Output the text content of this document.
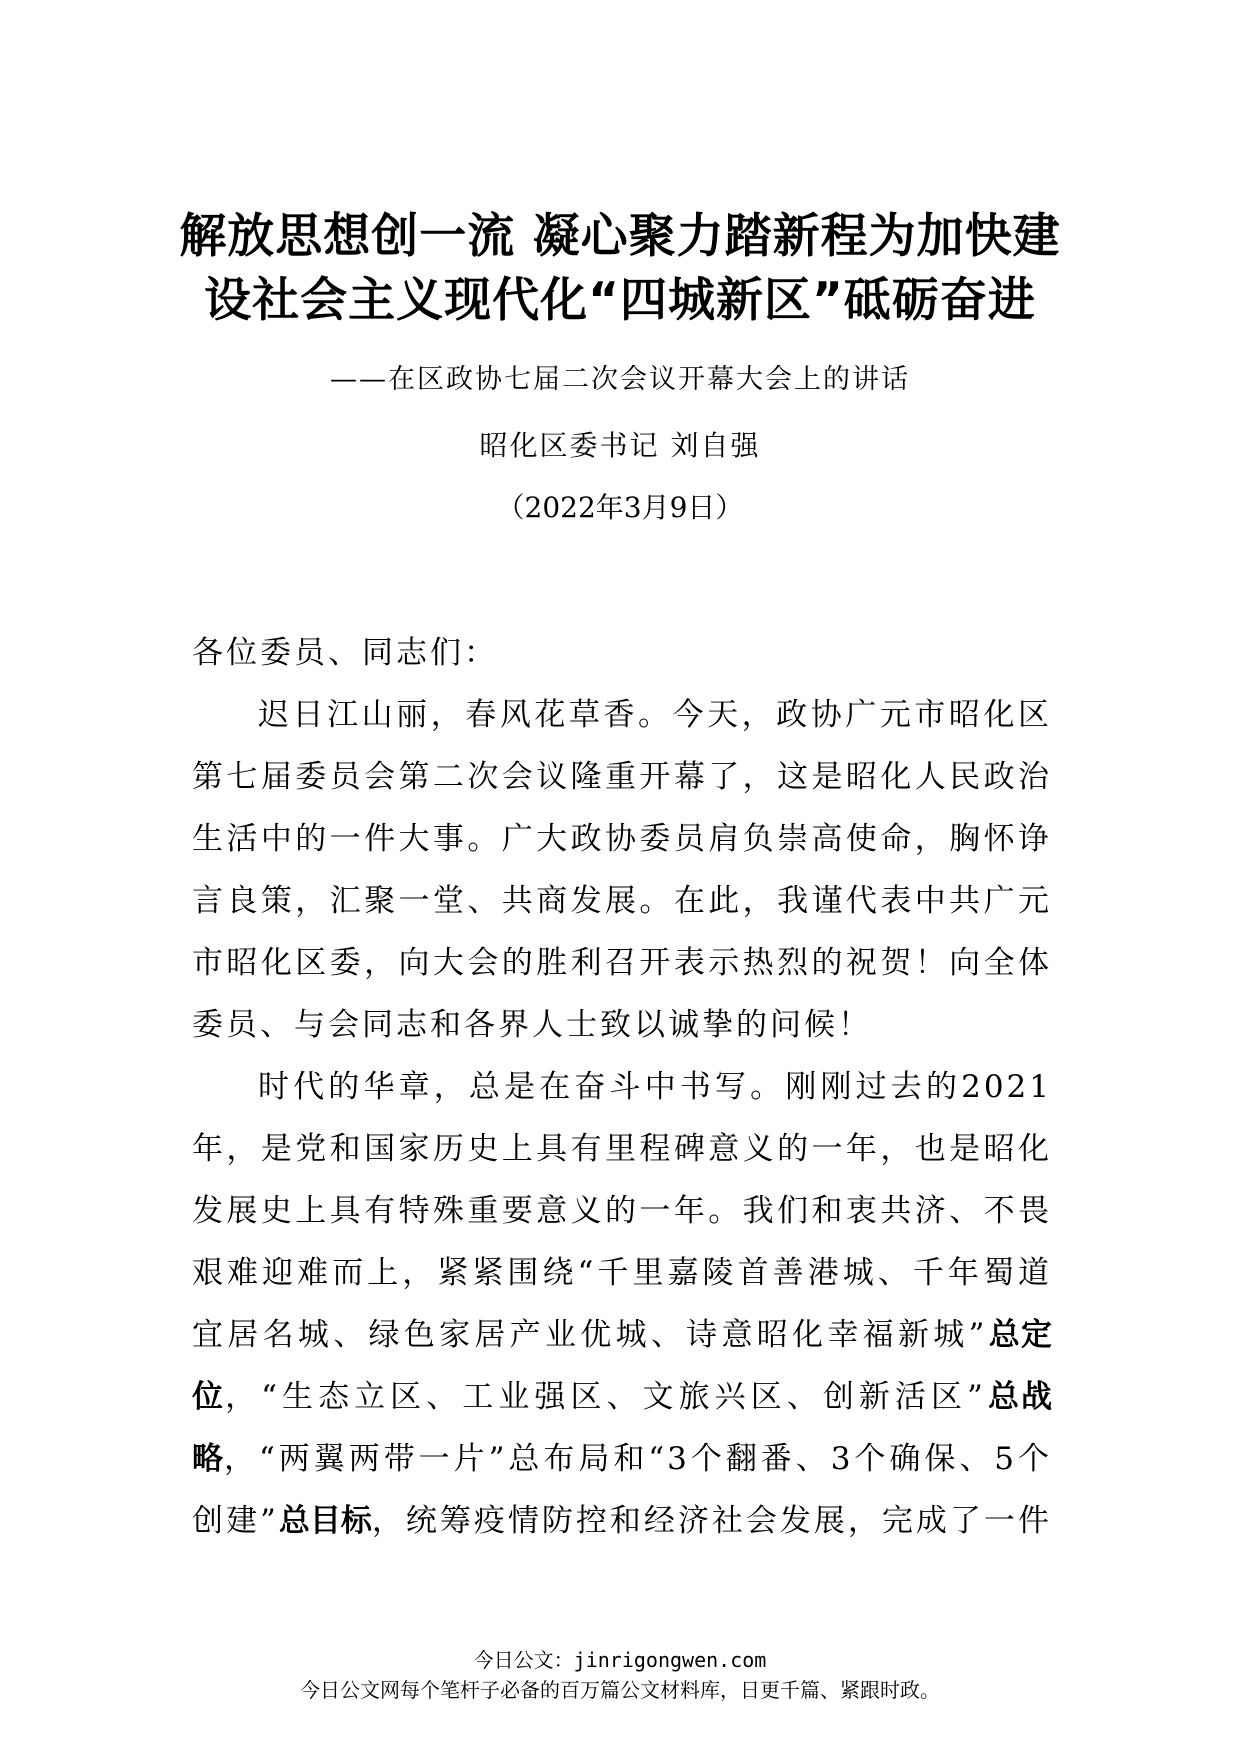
解放思想创一流 凝心聚力踏新程为加快建
设社会主义现代化“四城新区”砥砺奋进
——在区政协七届二次会议开幕大会上的讲话
昭化区委书记 刘自强
（2022年3月9日）

各位委员、同志们：

迟日江山丽，春风花草香。今天，政协广元市昭化区第七届委员会第二次会议隆重开幕了，这是昭化人民政治生活中的一件大事。广大政协委员肩负崇高使命，胸怀诤言良策，汇聚一堂、共商发展。在此，我谨代表中共广元市昭化区委，向大会的胜利召开表示热烈的祝贺！向全体委员、与会同志和各界人士致以诚挚的问候！

时代的华章，总是在奋斗中书写。刚刚过去的2021年，是党和国家历史上具有里程碑意义的一年，也是昭化发展史上具有特殊重要意义的一年。我们和衷共济、不畏艰难迎难而上，紧紧围绕“千里嘉陵首善港城、千年蜀道宜居名城、绿色家居产业优城、诗意昭化幸福新城”总定位，“生态立区、工业强区、文旅兴区、创新活区”总战略，“两翼两带一片”总布局和“3个翻番、3个确保、5个创建”总目标，统筹疫情防控和经济社会发展，完成了一件

今日公文：jinrigongwen.com
今日公文网每个笔杆子必备的百万篇公文材料库，日更千篇、紧跟时政。
